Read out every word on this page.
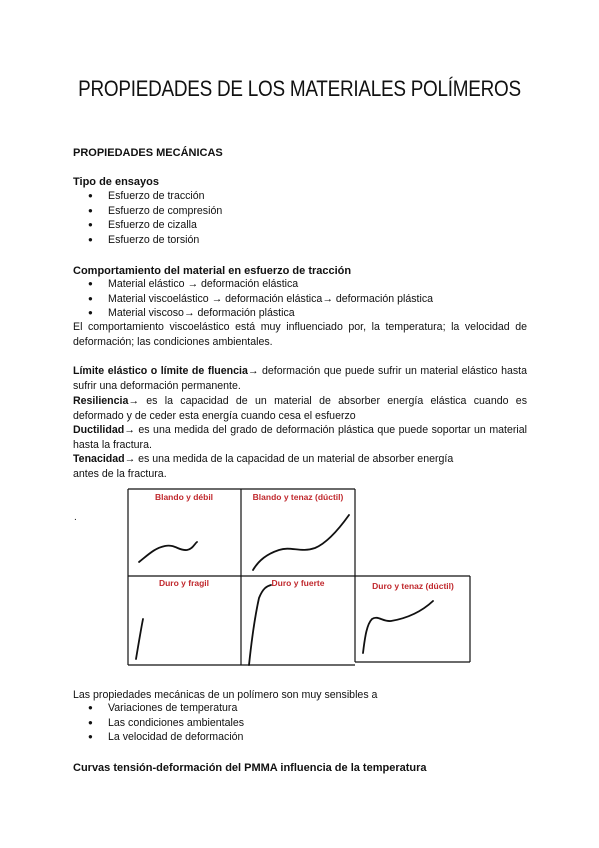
PROPIEDADES DE LOS MATERIALES POLÍMEROS
PROPIEDADES MECÁNICAS
Tipo de ensayos
● Esfuerzo de tracción
● Esfuerzo de compresión
● Esfuerzo de cizalla
● Esfuerzo de torsión
Comportamiento del material en esfuerzo de tracción
● Material elástico → deformación elástica
● Material viscoelástico → deformación elástica→ deformación plástica
● Material viscoso→ deformación plástica
El comportamiento viscoelástico está muy influenciado por, la temperatura; la velocidad de deformación; las condiciones ambientales.
Límite elástico o límite de fluencia→ deformación que puede sufrir un material elástico hasta sufrir una deformación permanente.
Resiliencia→ es la capacidad de un material de absorber energía elástica cuando es deformado y de ceder esta energía cuando cesa el esfuerzo
Ductilidad→ es una medida del grado de deformación plástica que puede soportar un material hasta la fractura.
Tenacidad→ es una medida de la capacidad de un material de absorber energía
antes de la fractura.
.
Blando y débil	Blando y tenaz (dúctil)
Duro y fragil	Duro y fuerte	Duro y tenaz (dúctil)
Las propiedades mecánicas de un polímero son muy sensibles a
● Variaciones de temperatura
● Las condiciones ambientales
● La velocidad de deformación
Curvas tensión-deformación del PMMA influencia de la temperatura
